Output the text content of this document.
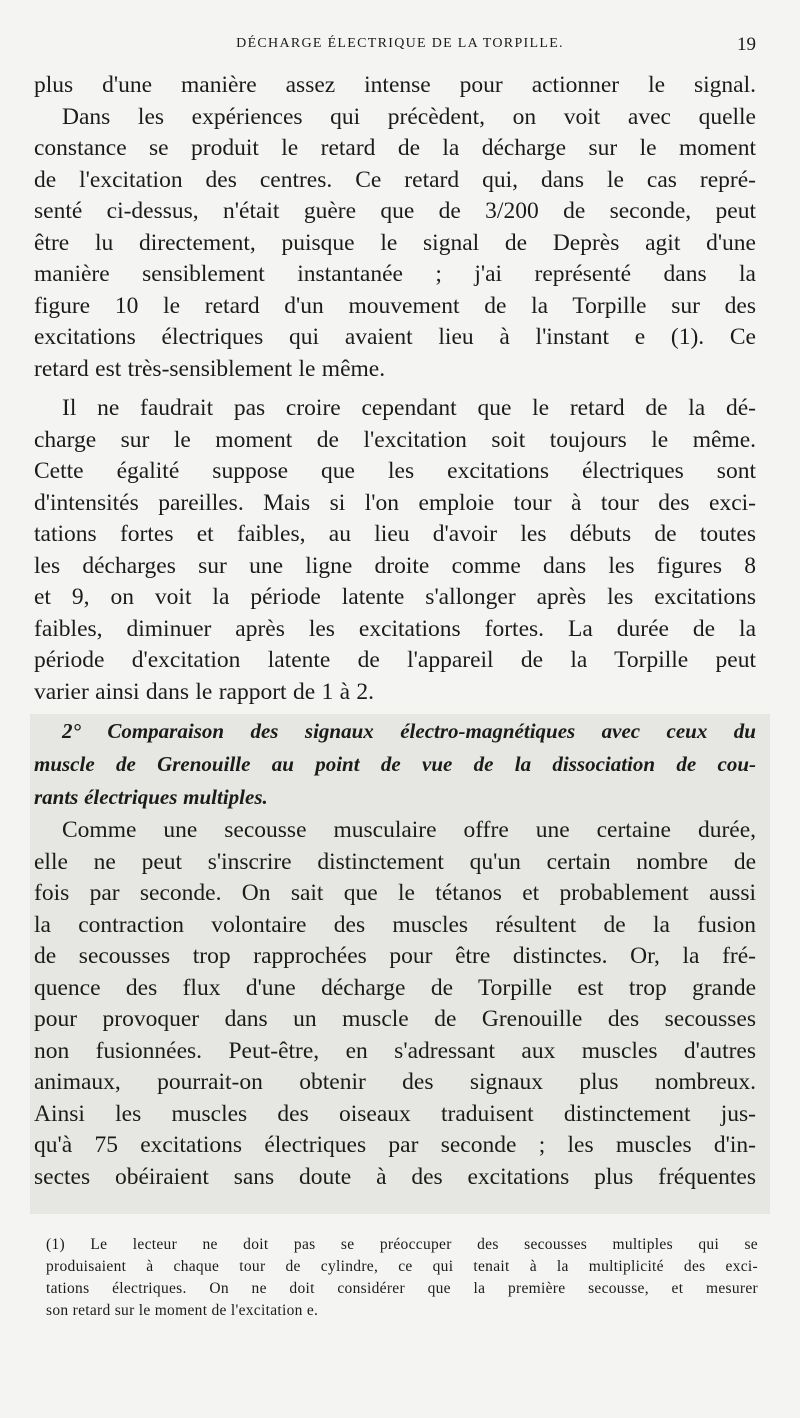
DÉCHARGE ÉLECTRIQUE DE LA TORPILLE.	19
plus d'une manière assez intense pour actionner le signal.
Dans les expériences qui précèdent, on voit avec quelle
constance se produit le retard de la décharge sur le moment
de l'excitation des centres. Ce retard qui, dans le cas repré-
senté ci-dessus, n'était guère que de 3/200 de seconde, peut
être lu directement, puisque le signal de Deprès agit d'une
manière sensiblement instantanée ; j'ai représenté dans la
figure 10 le retard d'un mouvement de la Torpille sur des
excitations électriques qui avaient lieu à l'instant e (1). Ce
retard est très-sensiblement le même.
Il ne faudrait pas croire cependant que le retard de la dé-
charge sur le moment de l'excitation soit toujours le même.
Cette égalité suppose que les excitations électriques sont
d'intensités pareilles. Mais si l'on emploie tour à tour des exci-
tations fortes et faibles, au lieu d'avoir les débuts de toutes
les décharges sur une ligne droite comme dans les figures 8
et 9, on voit la période latente s'allonger après les excitations
faibles, diminuer après les excitations fortes. La durée de la
période d'excitation latente de l'appareil de la Torpille peut
varier ainsi dans le rapport de 1 à 2.
2° Comparaison des signaux électro-magnétiques avec ceux du
muscle de Grenouille au point de vue de la dissociation de cou-
rants électriques multiples.
Comme une secousse musculaire offre une certaine durée,
elle ne peut s'inscrire distinctement qu'un certain nombre de
fois par seconde. On sait que le tétanos et probablement aussi
la contraction volontaire des muscles résultent de la fusion
de secousses trop rapprochées pour être distinctes. Or, la fré-
quence des flux d'une décharge de Torpille est trop grande
pour provoquer dans un muscle de Grenouille des secousses
non fusionnées. Peut-être, en s'adressant aux muscles d'autres
animaux, pourrait-on obtenir des signaux plus nombreux.
Ainsi les muscles des oiseaux traduisent distinctement jus-
qu'à 75 excitations électriques par seconde ; les muscles d'in-
sectes obéiraient sans doute à des excitations plus fréquentes
(1) Le lecteur ne doit pas se préoccuper des secousses multiples qui se
produisaient à chaque tour de cylindre, ce qui tenait à la multiplicité des exci-
tations électriques. On ne doit considérer que la première secousse, et mesurer
son retard sur le moment de l'excitation e.
